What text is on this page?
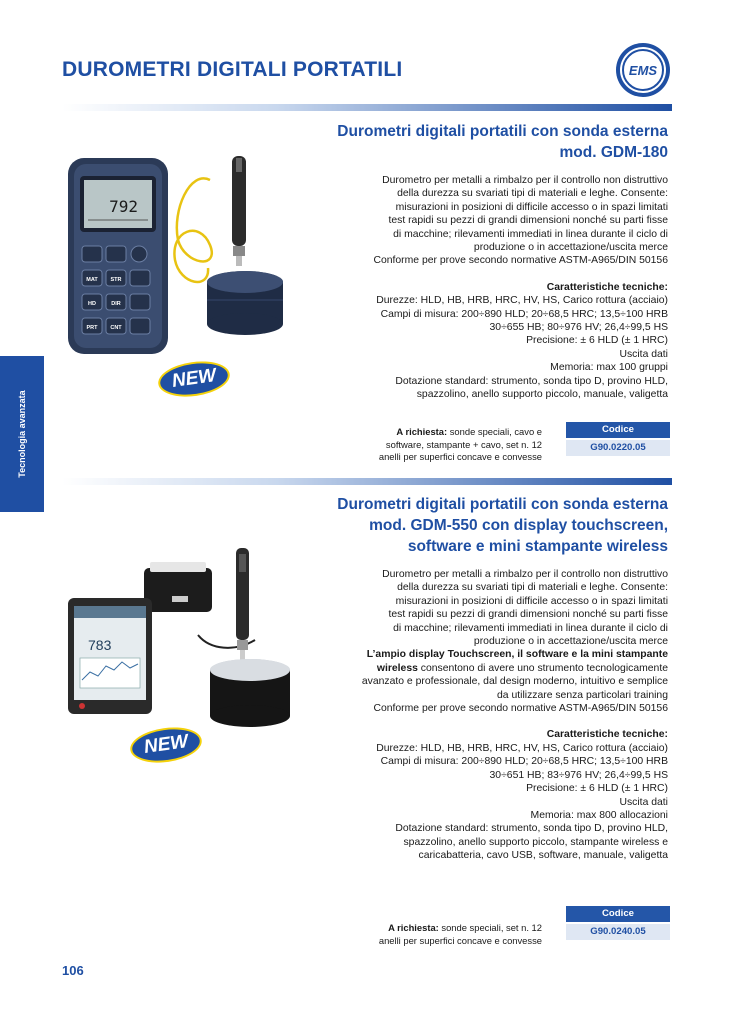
DUROMETRI DIGITALI PORTATILI	EMS
Tecnologia avanzata
Durometri digitali portatili con sonda esterna
mod. GDM-180
792
MAT STR
HD	DIR
PRT CNT
NEW

Durometro per metalli a rimbalzo per il controllo non distruttivo

della durezza su svariati tipi di materiali e leghe. Consente:

misurazioni in posizioni di difficile accesso o in spazi limitati

test rapidi su pezzi di grandi dimensioni nonché su parti fisse

di macchine; rilevamenti immediati in linea durante il ciclo di

produzione o in accettazione/uscita merce

Conforme per prove secondo normative ASTM-A965/DIN 50156

Caratteristiche tecniche:

Durezze: HLD, HB, HRB, HRC, HV, HS, Carico rottura (acciaio)

Campi di misura: 200÷890 HLD; 20÷68,5 HRC; 13,5÷100 HRB

30÷655 HB; 80÷976 HV; 26,4÷99,5 HS

Precisione: ± 6 HLD (± 1 HRC)

Uscita dati

Memoria: max 100 gruppi

Dotazione standard: strumento, sonda tipo D, provino HLD,

spazzolino, anello supporto piccolo, manuale, valigetta

A richiesta: sonde speciali, cavo e
software, stampante + cavo, set n. 12
anelli per superfici concave e convesse
Codice
G90.0220.05
Durometri digitali portatili con sonda esterna
mod. GDM-550 con display touchscreen,
software e mini stampante wireless
783
NEW

Durometro per metalli a rimbalzo per il controllo non distruttivo

della durezza su svariati tipi di materiali e leghe. Consente:

misurazioni in posizioni di difficile accesso o in spazi limitati

test rapidi su pezzi di grandi dimensioni nonché su parti fisse

di macchine; rilevamenti immediati in linea durante il ciclo di

produzione o in accettazione/uscita merce

L’ampio display Touchscreen, il software e la mini stampante

wireless consentono di avere uno strumento tecnologicamente

avanzato e professionale, dal design moderno, intuitivo e semplice

da utilizzare senza particolari training

Conforme per prove secondo normative ASTM-A965/DIN 50156

Caratteristiche tecniche:

Durezze: HLD, HB, HRB, HRC, HV, HS, Carico rottura (acciaio)

Campi di misura: 200÷890 HLD; 20÷68,5 HRC; 13,5÷100 HRB

30÷651 HB; 83÷976 HV; 26,4÷99,5 HS

Precisione: ± 6 HLD (± 1 HRC)

Uscita dati

Memoria: max 800 allocazioni

Dotazione standard: strumento, sonda tipo D, provino HLD,

spazzolino, anello supporto piccolo, stampante wireless e

caricabatteria, cavo USB, software, manuale, valigetta

A richiesta: sonde speciali, set n. 12
anelli per superfici concave e convesse
Codice
G90.0240.05
106
